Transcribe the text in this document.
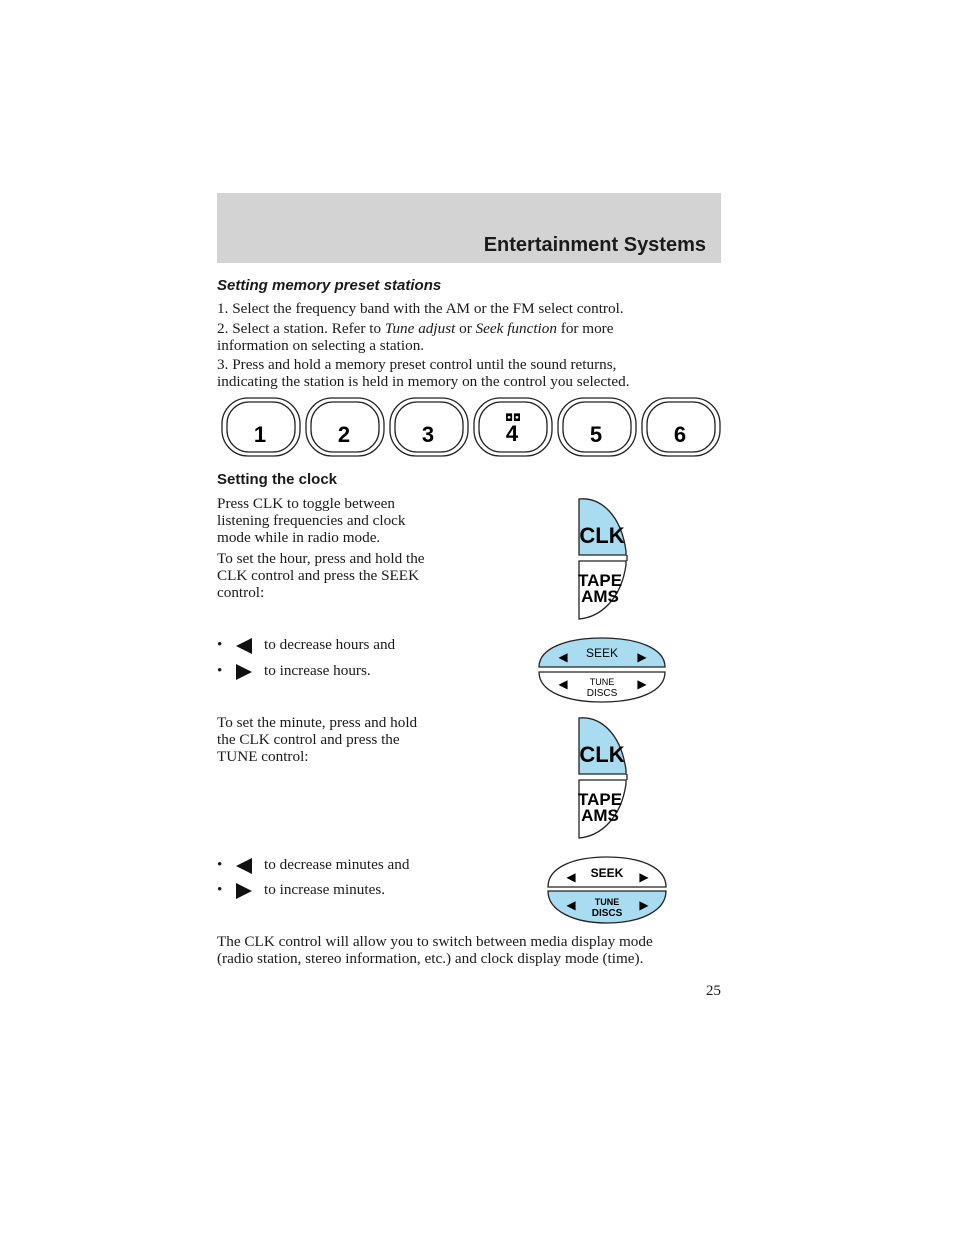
Entertainment Systems
Setting memory preset stations
1. Select the frequency band with the AM or the FM select control.
2. Select a station. Refer to Tune adjust or Seek function for more
information on selecting a station.
3. Press and hold a memory preset control until the sound returns,
indicating the station is held in memory on the control you selected.
1	2	3
◘◘
4	5	6
Setting the clock
Press CLK to toggle between
listening frequencies and clock
mode while in radio mode.
To set the hour, press and hold the
CLK control and press the SEEK
control:
CLK
TAPE
AMS
•	to decrease hours and
•	to increase hours.
◀ SEEK ▶
◀ TUNE
DISCS
▶
To set the minute, press and hold
the CLK control and press the
TUNE control:	CLK
TAPE
AMS
•	to decrease minutes and
•	to increase minutes.
◀ SEEK ▶
◀ TUNE
DISCS
▶
The CLK control will allow you to switch between media display mode
(radio station, stereo information, etc.) and clock display mode (time).
25
